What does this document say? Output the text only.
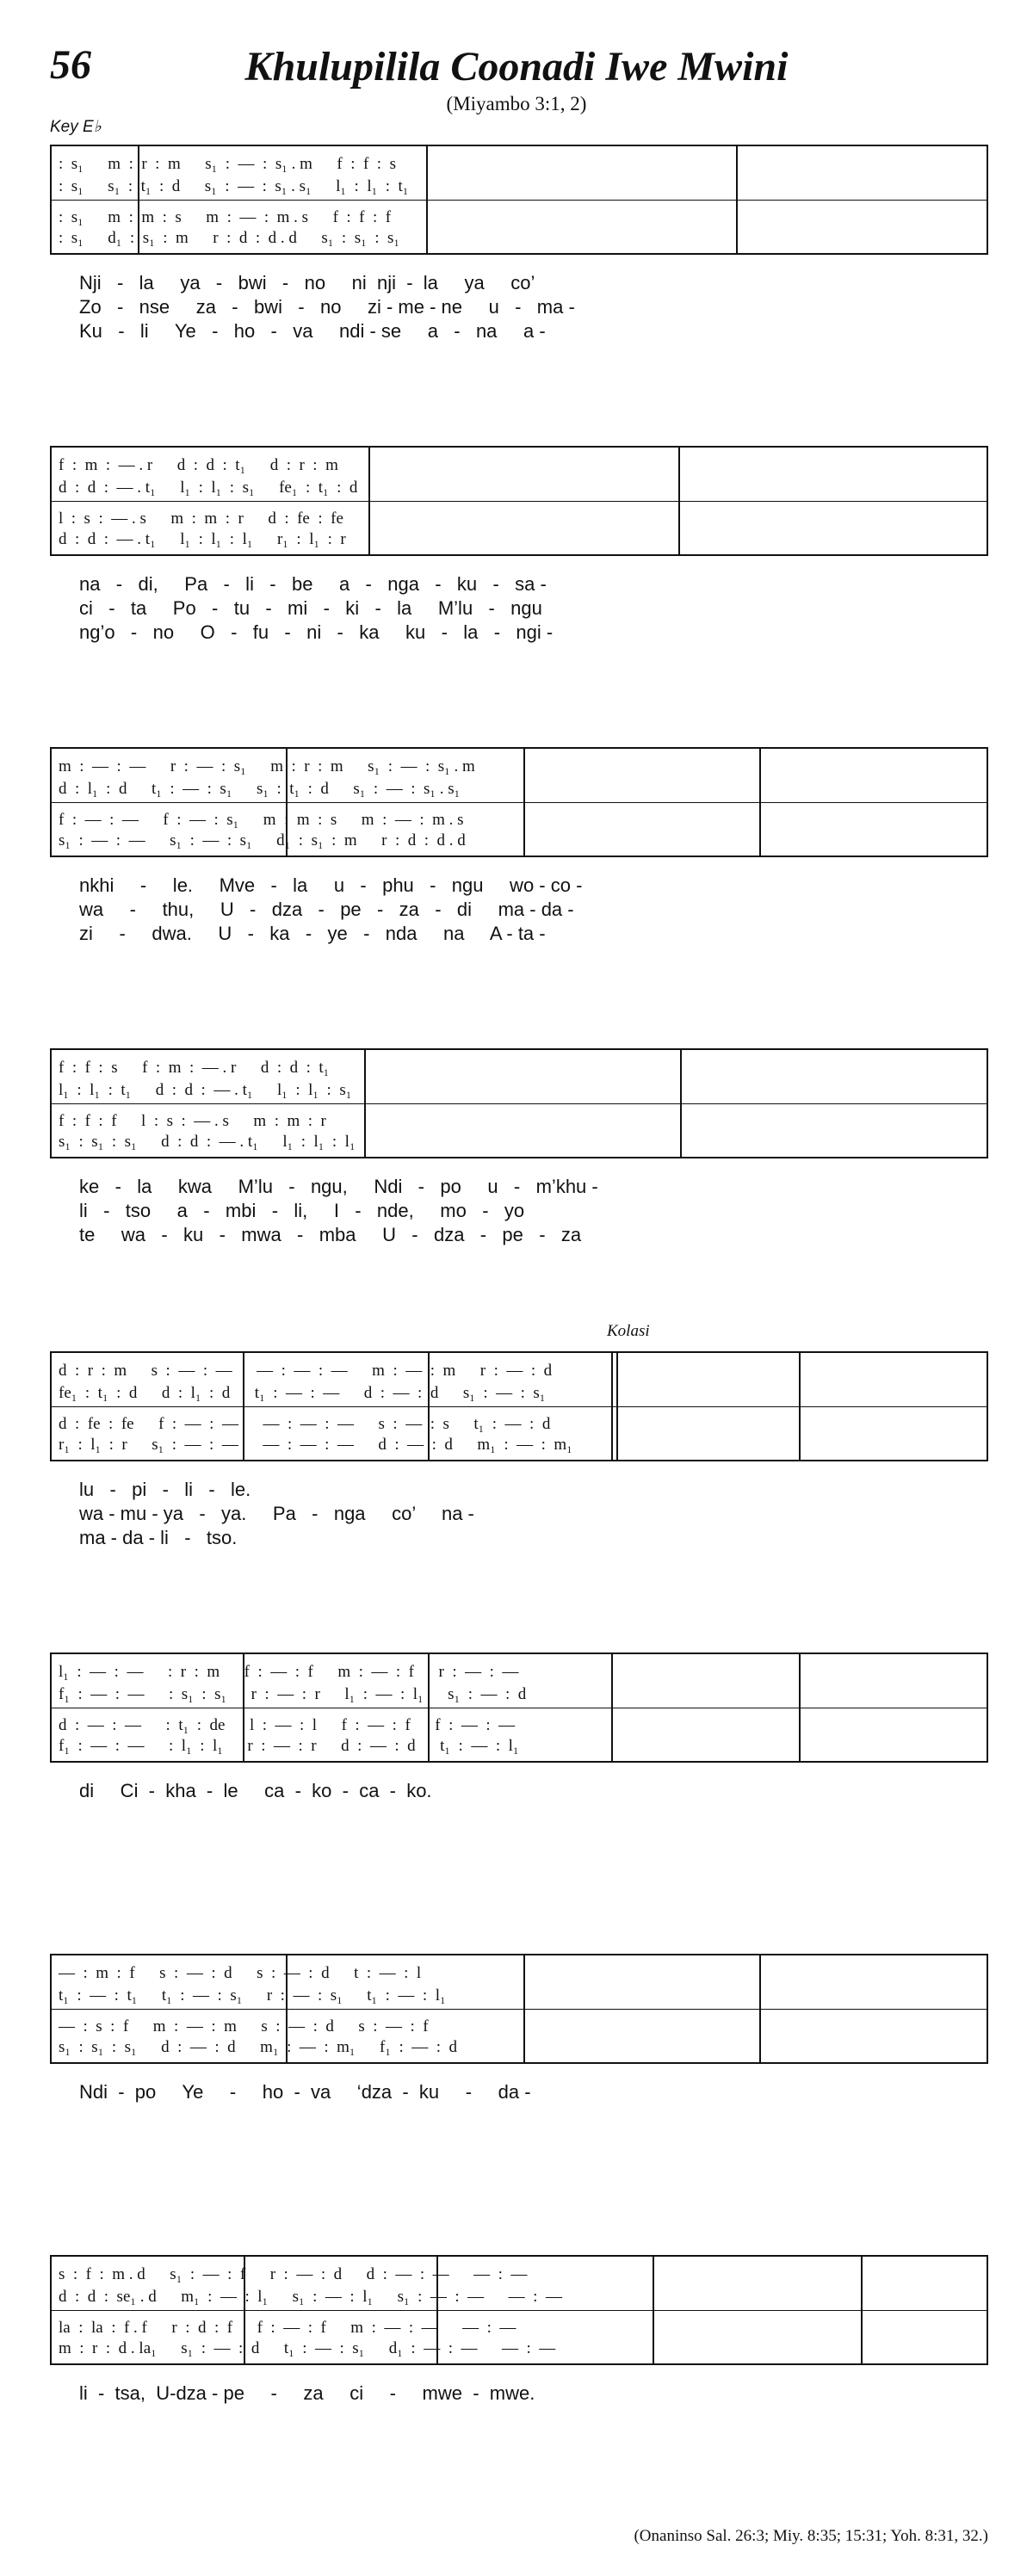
56	Khulupilila Coonadi Iwe Mwini
(Miyambo 3:1, 2)
Key E♭
Kolasi
(Onaninso Sal. 26:3; Miy. 8:35; 15:31; Yoh. 8:31, 32.)
:  s₁      m  :  r  :  m      s₁  :  —  :  s₁ . m      f  :  f  :  s
:  s₁      s₁  :  t₁  :  d      s₁  :  —  :  s₁ . s₁      l₁  :  l₁  :  t₁
:  s₁      m  :  m  :  s      m  :  —  :  m . s      f  :  f  :  f
:  s₁      d₁  :  s₁  :  m      r  :  d  :  d . d      s₁  :  s₁  :  s₁
Nji   -   la     ya   -   bwi   -   no     ni  nji  -  la     ya     co’
Zo   -   nse     za   -   bwi   -   no     zi - me - ne     u   -   ma -
Ku   -   li     Ye   -   ho   -   va     ndi - se     a   -   na     a -
f  :  m  :  — . r      d  :  d  :  t₁      d  :  r  :  m
d  :  d  :  — . t₁      l₁  :  l₁  :  s₁      fe₁  :  t₁  :  d
l  :  s  :  — . s      m  :  m  :  r      d  :  fe  :  fe
d  :  d  :  — . t₁      l₁  :  l₁  :  l₁      r₁  :  l₁  :  r
na   -   di,     Pa   -   li   -   be     a   -   nga   -   ku   -   sa -
ci   -   ta     Po   -   tu   -   mi   -   ki   -   la     M’lu   -   ngu
ng’o   -   no     O   -   fu   -   ni   -   ka     ku   -   la   -   ngi -
m  :  —  :  —      r  :  —  :  s₁      m  :  r  :  m      s₁  :  —  :  s₁ . m
d  :  l₁  :  d      t₁  :  —  :  s₁      s₁  :  t₁  :  d      s₁  :  —  :  s₁ . s₁
f  :  —  :  —      f  :  —  :  s₁      m  :  m  :  s      m  :  —  :  m . s
s₁  :  —  :  —      s₁  :  —  :  s₁      d₁  :  s₁  :  m      r  :  d  :  d . d
nkhi     -     le.     Mve   -   la     u   -   phu   -   ngu     wo - co -
wa     -     thu,     U   -   dza   -   pe   -   za   -   di     ma - da -
zi     -     dwa.     U   -   ka   -   ye   -   nda     na     A - ta -
f  :  f  :  s      f  :  m  :  — . r      d  :  d  :  t₁
l₁  :  l₁  :  t₁      d  :  d  :  — . t₁      l₁  :  l₁  :  s₁
f  :  f  :  f      l  :  s  :  — . s      m  :  m  :  r
s₁  :  s₁  :  s₁      d  :  d  :  — . t₁      l₁  :  l₁  :  l₁
ke   -   la     kwa     M’lu   -   ngu,     Ndi   -   po     u   -   m’khu -
li   -   tso     a   -   mbi   -   li,     I   -   nde,     mo   -   yo
te     wa   -   ku   -   mwa   -   mba     U   -   dza   -   pe   -   za
d  :  r  :  m      s  :  —  :  —      —  :  —  :  —      m  :  —  :  m      r  :  —  :  d
fe₁  :  t₁  :  d      d  :  l₁  :  d      t₁  :  —  :  —      d  :  —  :  d      s₁  :  —  :  s₁
d  :  fe  :  fe      f  :  —  :  —      —  :  —  :  —      s  :  —  :  s      t₁  :  —  :  d
r₁  :  l₁  :  r      s₁  :  —  :  —      —  :  —  :  —      d  :  —  :  d      m₁  :  —  :  m₁
lu   -   pi   -   li   -   le.
wa - mu - ya   -   ya.     Pa   -   nga     co’     na -
ma - da - li   -   tso.
l₁  :  —  :  —      :  r  :  m      f  :  —  :  f      m  :  —  :  f      r  :  —  :  —
f₁  :  —  :  —      :  s₁  :  s₁      r  :  —  :  r      l₁  :  —  :  l₁      s₁  :  —  :  d
d  :  —  :  —      :  t₁  :  de      l  :  —  :  l      f  :  —  :  f      f  :  —  :  —
f₁  :  —  :  —      :  l₁  :  l₁      r  :  —  :  r      d  :  —  :  d      t₁  :  —  :  l₁
di     Ci  -  kha  -  le     ca  -  ko  -  ca  -  ko.
—  :  m  :  f      s  :  —  :  d      s  :  —  :  d      t  :  —  :  l
t₁  :  —  :  t₁      t₁  :  —  :  s₁      r  :  —  :  s₁      t₁  :  —  :  l₁
—  :  s  :  f      m  :  —  :  m      s  :  —  :  d      s  :  —  :  f
s₁  :  s₁  :  s₁      d  :  —  :  d      m₁  :  —  :  m₁      f₁  :  —  :  d
Ndi  -  po     Ye     -     ho  -  va     ‘dza  -  ku     -     da -
s  :  f  :  m . d      s₁  :  —  :  f      r  :  —  :  d      d  :  —  :  —      —  :  —
d  :  d  :  se₁ . d      m₁  :  —  :  l₁      s₁  :  —  :  l₁      s₁  :  —  :  —      —  :  —
la  :  la  :  f . f      r  :  d  :  f      f  :  —  :  f      m  :  —  :  —      —  :  —
m  :  r  :  d . la₁      s₁  :  —  :  d      t₁  :  —  :  s₁      d₁  :  —  :  —      —  :  —
li  -  tsa,  U-dza - pe     -     za     ci     -     mwe  -  mwe.
